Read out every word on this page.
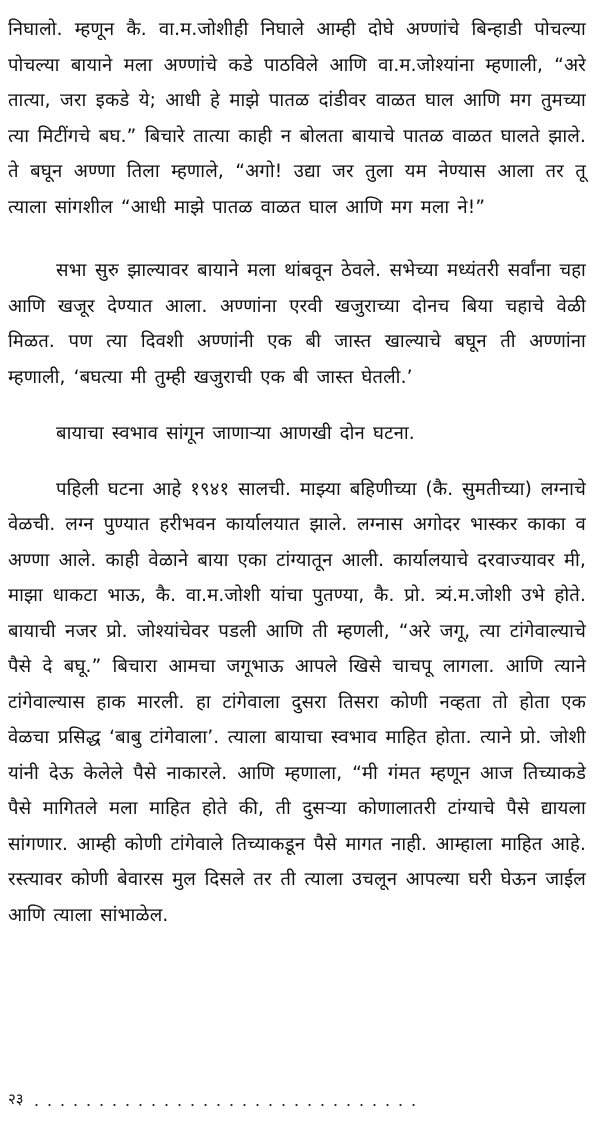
निघालो. म्हणून कै. वा.म.जोशीही निघाले आम्ही दोघे अण्णांचे बिन्हाडी पोचल्या पोचल्या बायाने मला अण्णांचे कडे पाठविले आणि वा.म.जोश्यांना म्हणाली, “अरे तात्या, जरा इकडे ये; आधी हे माझे पातळ दांडीवर वाळत घाल आणि मग तुमच्या त्या मिटींगचे बघ.” बिचारे तात्या काही न बोलता बायाचे पातळ वाळत घालते झाले. ते बघून अण्णा तिला म्हणाले, “अगो! उद्या जर तुला यम नेण्यास आला तर तू त्याला सांगशील “आधी माझे पातळ वाळत घाल आणि मग मला ने!”

सभा सुरु झाल्यावर बायाने मला थांबवून ठेवले. सभेच्या मध्यंतरी सर्वांना चहा आणि खजूर देण्यात आला. अण्णांना एरवी खजुराच्या दोनच बिया चहाचे वेळी मिळत. पण त्या दिवशी अण्णांनी एक बी जास्त खाल्याचे बघून ती अण्णांना म्हणाली, ‘बघत्या मी तुम्ही खजुराची एक बी जास्त घेतली.’

बायाचा स्वभाव सांगून जाणाऱ्या आणखी दोन घटना.

पहिली घटना आहे १९४१ सालची. माझ्या बहिणीच्या (कै. सुमतीच्या) लग्नाचे वेळची. लग्न पुण्यात हरीभवन कार्यालयात झाले. लग्नास अगोदर भास्कर काका व अण्णा आले. काही वेळाने बाया एका टांग्यातून आली. कार्यालयाचे दरवाज्यावर मी, माझा धाकटा भाऊ, कै. वा.म.जोशी यांचा पुतण्या, कै. प्रो. त्र्यं.म.जोशी उभे होते. बायाची नजर प्रो. जोश्यांचेवर पडली आणि ती म्हणली, “अरे जगू, त्या टांगेवाल्याचे पैसे दे बघू.” बिचारा आमचा जगूभाऊ आपले खिसे चाचपू लागला. आणि त्याने टांगेवाल्यास हाक मारली. हा टांगेवाला दुसरा तिसरा कोणी नव्हता तो होता एक वेळचा प्रसिद्ध ‘बाबु टांगेवाला’. त्याला बायाचा स्वभाव माहित होता. त्याने प्रो. जोशी यांनी देऊ केलेले पैसे नाकारले. आणि म्हणाला, “मी गंमत म्हणून आज तिच्याकडे पैसे मागितले मला माहित होते की, ती दुसऱ्या कोणालातरी टांग्याचे पैसे द्यायला सांगणार. आम्ही कोणी टांगेवाले तिच्याकडून पैसे मागत नाही. आम्हाला माहित आहे. रस्त्यावर कोणी बेवारस मुल दिसले तर ती त्याला उचलून आपल्या घरी घेऊन जाईल आणि त्याला सांभाळेल.

२३
